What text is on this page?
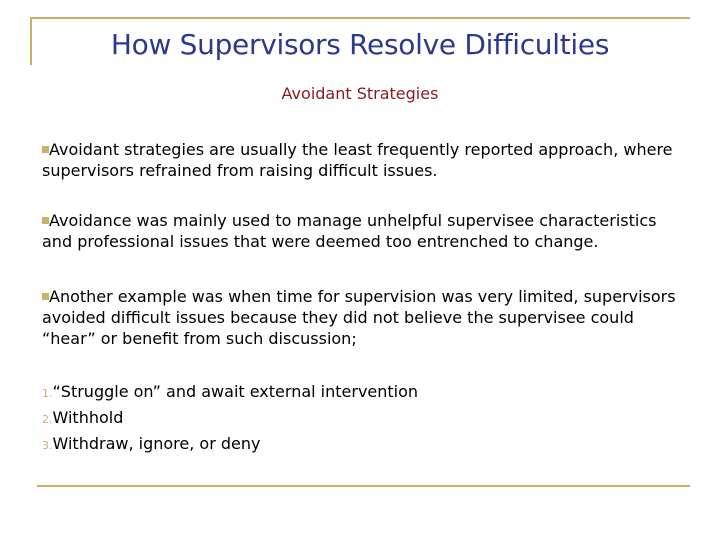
How Supervisors Resolve Difficulties
Avoidant Strategies
Avoidant strategies are usually the least frequently reported approach, where supervisors refrained from raising difficult issues.
Avoidance was mainly used to manage unhelpful supervisee characteristics and professional issues that were deemed too entrenched to change.
Another example was when time for supervision was very limited, supervisors avoided difficult issues because they did not believe the supervisee could “hear” or benefit from such discussion;
1.“Struggle on” and await external intervention
2.Withhold
3.Withdraw, ignore, or deny
